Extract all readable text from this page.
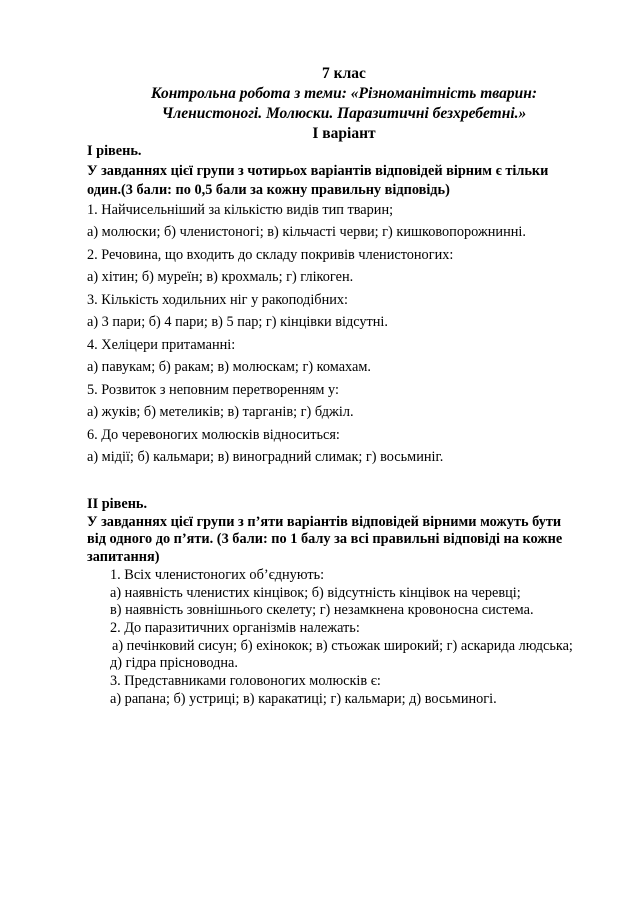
7 клас
Контрольна робота з теми: «Різноманітність тварин:
Членистоногі. Молюски. Паразитичні безхребетні.»
І варіант
І рівень.
У завданнях цієї групи з чотирьох варіантів відповідей вірним є тільки
один.(3 бали: по 0,5 бали за кожну правильну відповідь)
1. Найчисельніший за кількістю видів тип тварин;
а) молюски; б) членистоногі; в) кільчасті черви; г) кишковопорожнинні.
2. Речовина, що входить до складу покривів членистоногих:
а) хітин; б) муреїн; в) крохмаль; г) глікоген.
3. Кількість ходильних ніг у ракоподібних:
а) 3 пари; б) 4 пари; в) 5 пар; г) кінцівки відсутні.
4. Хеліцери притаманні:
а) павукам; б) ракам; в) молюскам; г) комахам.
5. Розвиток з неповним перетворенням у:
а) жуків; б) метеликів; в) тарганів; г) бджіл.
6. До черевоногих молюсків відноситься:
а) мідії; б) кальмари; в) виноградний слимак; г) восьминіг.
ІІ рівень.
У завданнях цієї групи з п’яти варіантів відповідей вірними можуть бути
від одного до п’яти. (3 бали: по 1 балу за всі правильні відповіді на кожне
запитання)
1. Всіх членистоногих об’єднують:
а) наявність членистих кінцівок; б) відсутність кінцівок на черевці;
в) наявність зовнішнього скелету; г) незамкнена кровоносна система.
2. До паразитичних організмів належать:
а) печінковий сисун; б) ехінокок; в) стьожак широкий; г) аскарида людська;
д) гідра прісноводна.
3. Представниками головоногих молюсків є:
а) рапана; б) устриці; в) каракатиці; г) кальмари; д) восьминогі.
